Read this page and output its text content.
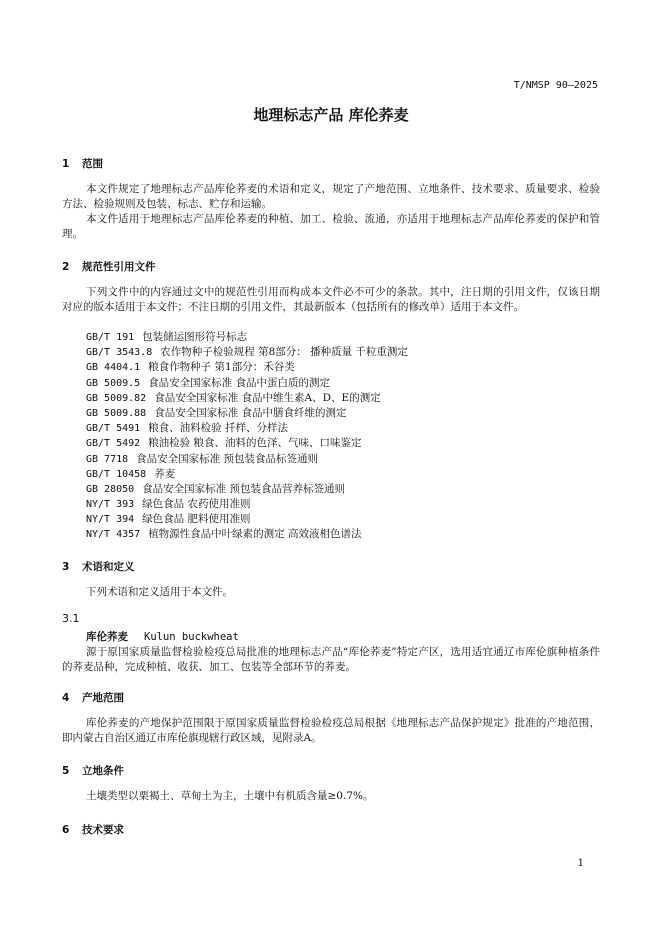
T/NMSP 90—2025
地理标志产品 库伦荞麦
1 范围

本文件规定了地理标志产品库伦荞麦的术语和定义，规定了产地范围、立地条件、技术要求、质量要求、检验方法、检验规则及包装、标志、贮存和运输。

本文件适用于地理标志产品库伦荞麦的种植、加工、检验、流通，亦适用于地理标志产品库伦荞麦的保护和管理。

2 规范性引用文件

下列文件中的内容通过文中的规范性引用而构成本文件必不可少的条款。其中，注日期的引用文件，仅该日期对应的版本适用于本文件；不注日期的引用文件，其最新版本（包括所有的修改单）适用于本文件。

GB/T 191 包装储运图形符号标志
GB/T 3543.8 农作物种子检验规程 第8部分： 播种质量 千粒重测定
GB 4404.1 粮食作物种子 第1部分：禾谷类
GB 5009.5 食品安全国家标准 食品中蛋白质的测定
GB 5009.82 食品安全国家标准 食品中维生素A、D、E的测定
GB 5009.88 食品安全国家标准 食品中膳食纤维的测定
GB/T 5491 粮食、油料检验 扦样、分样法
GB/T 5492 粮油检验 粮食、油料的色泽、气味、口味鉴定
GB 7718 食品安全国家标准 预包装食品标签通则
GB/T 10458 荞麦
GB 28050 食品安全国家标准 预包装食品营养标签通则
NY/T 393 绿色食品 农药使用准则
NY/T 394 绿色食品 肥料使用准则
NY/T 4357 植物源性食品中叶绿素的测定 高效液相色谱法
3 术语和定义

下列术语和定义适用于本文件。

3.1
库伦荞麦 Kulun buckwheat

源于原国家质量监督检验检疫总局批准的地理标志产品“库伦荞麦”特定产区，选用适宜通辽市库伦旗种植条件的荞麦品种，完成种植、收获、加工、包装等全部环节的荞麦。

4 产地范围

库伦荞麦的产地保护范围限于原国家质量监督检验检疫总局根据《地理标志产品保护规定》批准的产地范围，即内蒙古自治区通辽市库伦旗现辖行政区域，见附录A。

5 立地条件

土壤类型以栗褐土、草甸土为主，土壤中有机质含量≥0.7%。

6 技术要求
1
